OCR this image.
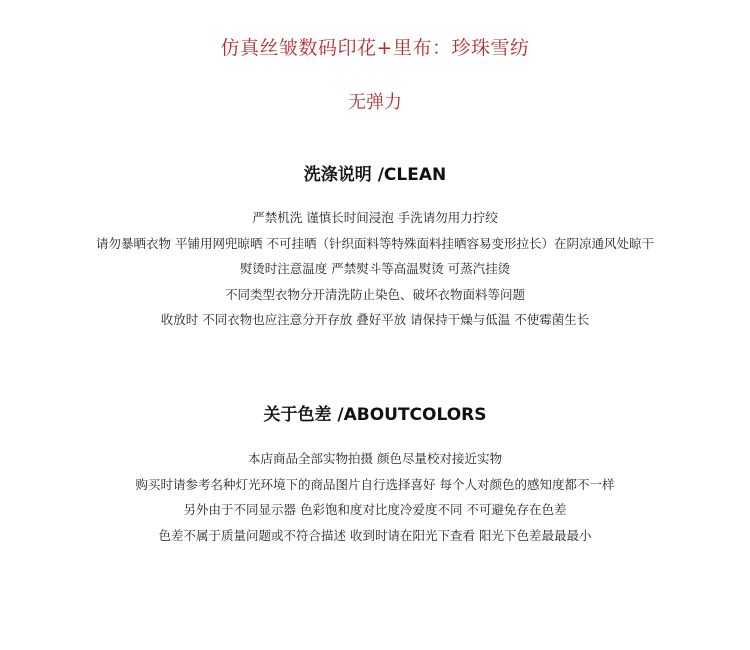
仿真丝皱数码印花+里布：珍珠雪纺
无弹力
洗涤说明 /CLEAN
严禁机洗 谨慎长时间浸泡 手洗请勿用力拧绞
请勿暴晒衣物 平铺用网兜晾晒 不可挂晒（针织面料等特殊面料挂晒容易变形拉长）在阴凉通风处晾干
熨烫时注意温度 严禁熨斗等高温熨烫 可蒸汽挂烫
不同类型衣物分开清洗防止染色、破坏衣物面料等问题
收放时 不同衣物也应注意分开存放 叠好平放 请保持干燥与低温 不使霉菌生长
关于色差 /ABOUTCOLORS
本店商品全部实物拍摄 颜色尽量校对接近实物
购买时请参考名种灯光环境下的商品图片自行选择喜好 每个人对颜色的感知度都不一样
另外由于不同显示器 色彩饱和度对比度冷爱度不同 不可避免存在色差
色差不属于质量问题或不符合描述 收到时请在阳光下查看 阳光下色差最最最小
